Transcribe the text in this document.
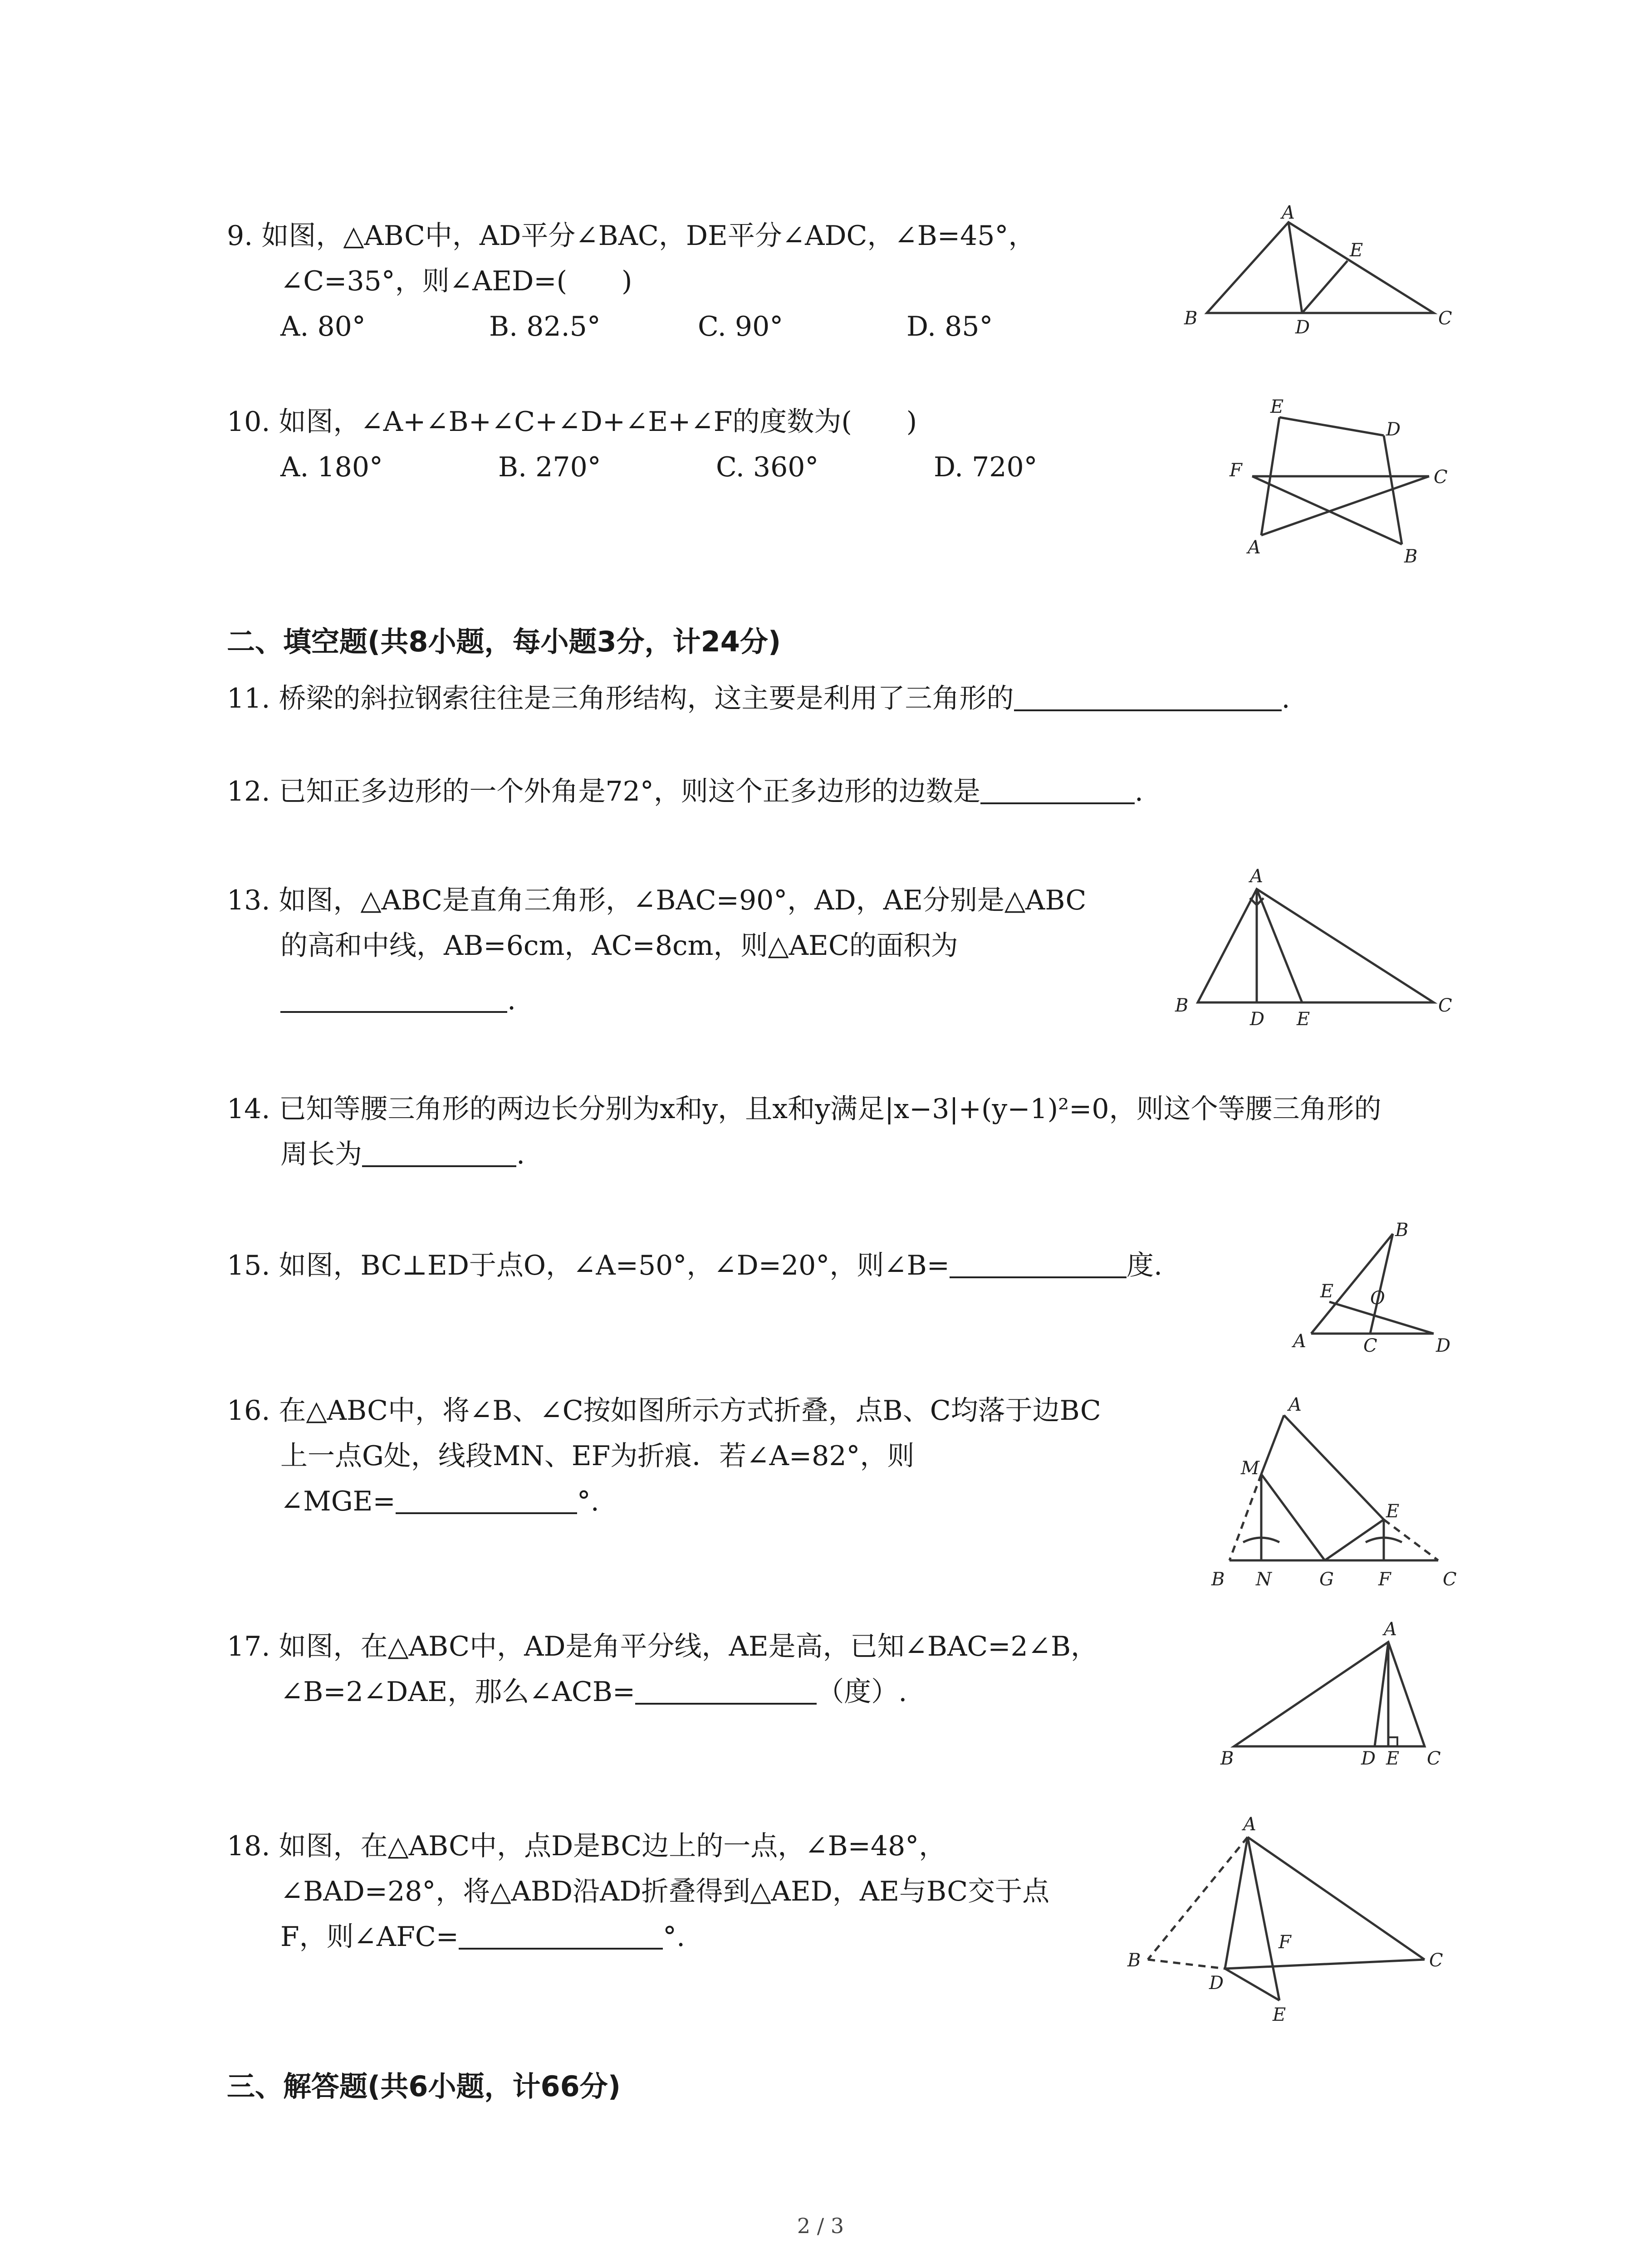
9. 如图，△ABC中，AD平分∠BAC，DE平分∠ADC，∠B=45°，
∠C=35°，则∠AED=(　　)
A. 80°	B. 82.5°	C. 90°	D. 85°
A
B	C
D
E
10. 如图，∠A+∠B+∠C+∠D+∠E+∠F的度数为(　　)
A. 180°	B. 270°	C. 360°	D. 720°
E
D
F	C
A	B
二、填空题(共8小题，每小题3分，计24分)
11. 桥梁的斜拉钢索往往是三角形结构，这主要是利用了三角形的	.
12. 已知正多边形的一个外角是72°，则这个正多边形的边数是	.
13. 如图，△ABC是直角三角形，∠BAC=90°，AD，AE分别是△ABC
的高和中线，AB=6cm，AC=8cm，则△AEC的面积为
.
A
B	C
D E
14. 已知等腰三角形的两边长分别为x和y，且x和y满足|x−3|+(y−1)²=0，则这个等腰三角形的
周长为	.
15. 如图，BC⊥ED于点O，∠A=50°，∠D=20°，则∠B=	度.
B
E O
A	C	D
16. 在△ABC中，将∠B、∠C按如图所示方式折叠，点B、C均落于边BC
上一点G处，线段MN、EF为折痕．若∠A=82°，则
∠MGE=	°.
A
M
E
B N	G F	C
17. 如图，在△ABC中，AD是角平分线，AE是高，已知∠BAC=2∠B，
∠B=2∠DAE，那么∠ACB=	（度）.
A
B	D E C
18. 如图，在△ABC中，点D是BC边上的一点，∠B=48°，
∠BAD=28°，将△ABD沿AD折叠得到△AED，AE与BC交于点
F，则∠AFC=	°.
A
B
D
F
C
E
三、解答题(共6小题，计66分)
2 / 3
